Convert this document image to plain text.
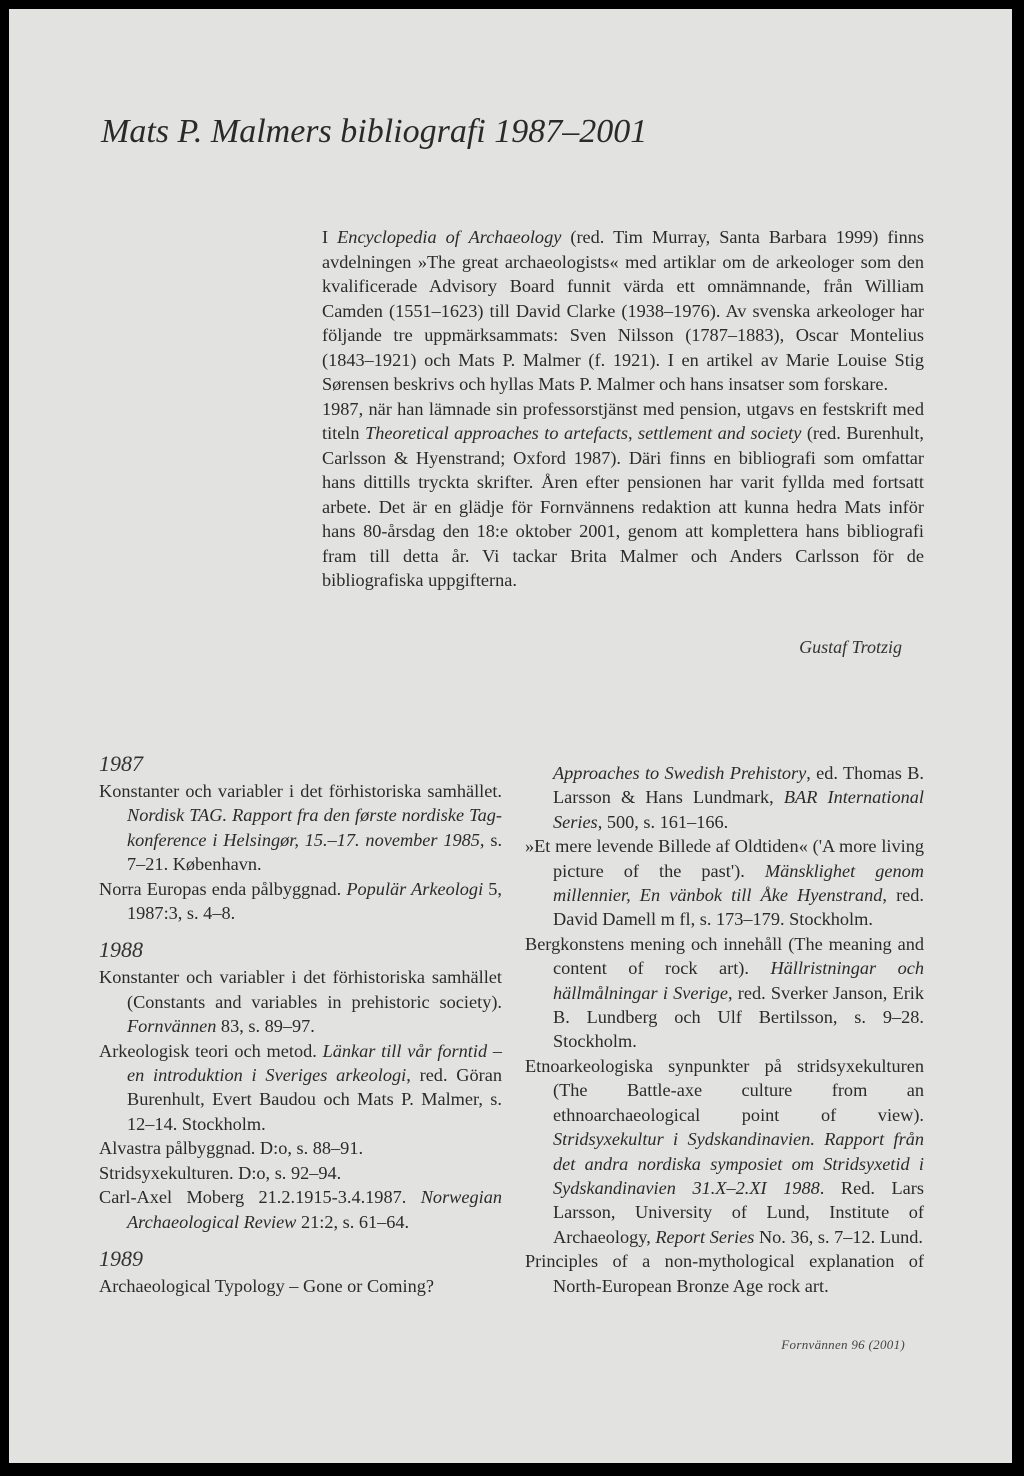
Mats P. Malmers bibliografi 1987–2001

I Encyclopedia of Archaeology (red. Tim Murray, Santa Barbara 1999) finns avdelningen »The great archaeologists« med artiklar om de arkeologer som den kvalificerade Advisory Board funnit värda ett omnämnande, från William Camden (1551–1623) till David Clarke (1938–1976). Av svenska arkeologer har följande tre uppmärksammats: Sven Nilsson (1787–1883), Oscar Montelius (1843–1921) och Mats P. Malmer (f. 1921). I en artikel av Marie Louise Stig Sørensen beskrivs och hyllas Mats P. Malmer och hans insatser som forskare.

1987, när han lämnade sin professorstjänst med pension, utgavs en festskrift med titeln Theoretical approaches to artefacts, settlement and society (red. Burenhult, Carlsson & Hyenstrand; Oxford 1987). Däri finns en bibliografi som omfattar hans dittills tryckta skrifter. Åren efter pensionen har varit fyllda med fortsatt arbete. Det är en glädje för Fornvännens redaktion att kunna hedra Mats inför hans 80-årsdag den 18:e oktober 2001, genom att komplettera hans bibliografi fram till detta år. Vi tackar Brita Malmer och Anders Carlsson för de bibliografiska uppgifterna.

Gustaf Trotzig
1987
Konstanter och variabler i det förhistoriska samhället. Nordisk TAG. Rapport fra den første nordiske Tag-konference i Helsingør, 15.–17. november 1985, s. 7–21. København.
Norra Europas enda pålbyggnad. Populär Arkeologi 5, 1987:3, s. 4–8.
1988
Konstanter och variabler i det förhistoriska samhället (Constants and variables in prehistoric society). Fornvännen 83, s. 89–97.
Arkeologisk teori och metod. Länkar till vår forntid – en introduktion i Sveriges arkeologi, red. Göran Burenhult, Evert Baudou och Mats P. Malmer, s. 12–14. Stockholm.
Alvastra pålbyggnad. D:o, s. 88–91.
Stridsyxekulturen. D:o, s. 92–94.
Carl-Axel Moberg 21.2.1915-3.4.1987. Norwegian Archaeological Review 21:2, s. 61–64.
1989
Archaeological Typology – Gone or Coming?
Approaches to Swedish Prehistory, ed. Thomas B. Larsson & Hans Lundmark, BAR International Series, 500, s. 161–166.
»Et mere levende Billede af Oldtiden« ('A more living picture of the past'). Mänsklighet genom millennier, En vänbok till Åke Hyenstrand, red. David Damell m fl, s. 173–179. Stockholm.
Bergkonstens mening och innehåll (The meaning and content of rock art). Hällristningar och hällmålningar i Sverige, red. Sverker Janson, Erik B. Lundberg och Ulf Bertilsson, s. 9–28. Stockholm.
Etnoarkeologiska synpunkter på stridsyxekulturen (The Battle-axe culture from an ethnoarchaeological point of view). Stridsyxekultur i Sydskandinavien. Rapport från det andra nordiska symposiet om Stridsyxetid i Sydskandinavien 31.X–2.XI 1988. Red. Lars Larsson, University of Lund, Institute of Archaeology, Report Series No. 36, s. 7–12. Lund.
Principles of a non-mythological explanation of North-European Bronze Age rock art.
Fornvännen 96 (2001)
